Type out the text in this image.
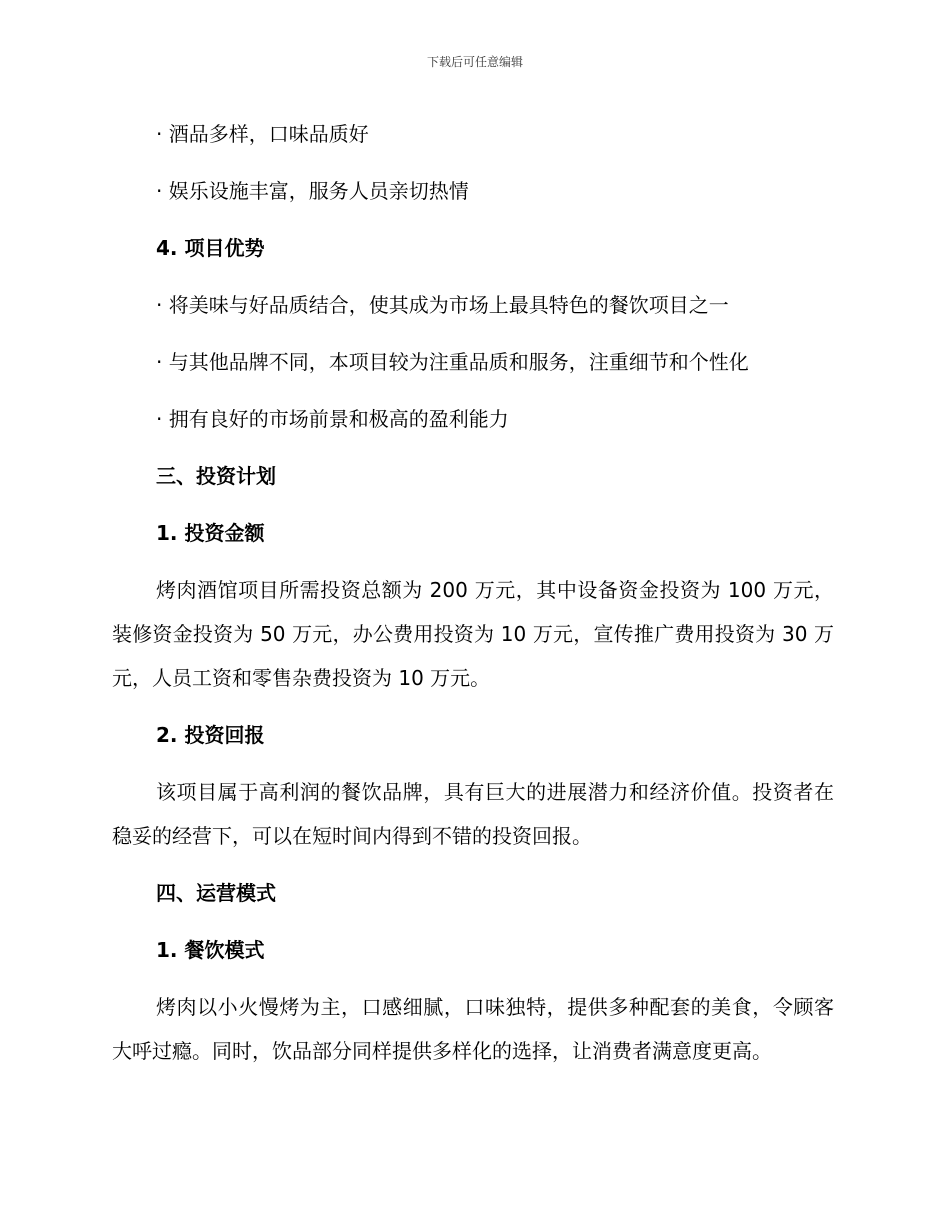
下载后可任意编辑
· 酒品多样，口味品质好
· 娱乐设施丰富，服务人员亲切热情
4. 项目优势
· 将美味与好品质结合，使其成为市场上最具特色的餐饮项目之一
· 与其他品牌不同，本项目较为注重品质和服务，注重细节和个性化
· 拥有良好的市场前景和极高的盈利能力
三、投资计划
1. 投资金额
烤肉酒馆项目所需投资总额为 200 万元，其中设备资金投资为 100 万元，装修资金投资为 50 万元，办公费用投资为 10 万元，宣传推广费用投资为 30 万元，人员工资和零售杂费投资为 10 万元。
2. 投资回报
该项目属于高利润的餐饮品牌，具有巨大的进展潜力和经济价值。投资者在稳妥的经营下，可以在短时间内得到不错的投资回报。
四、运营模式
1. 餐饮模式
烤肉以小火慢烤为主，口感细腻，口味独特，提供多种配套的美食，令顾客大呼过瘾。同时，饮品部分同样提供多样化的选择，让消费者满意度更高。
